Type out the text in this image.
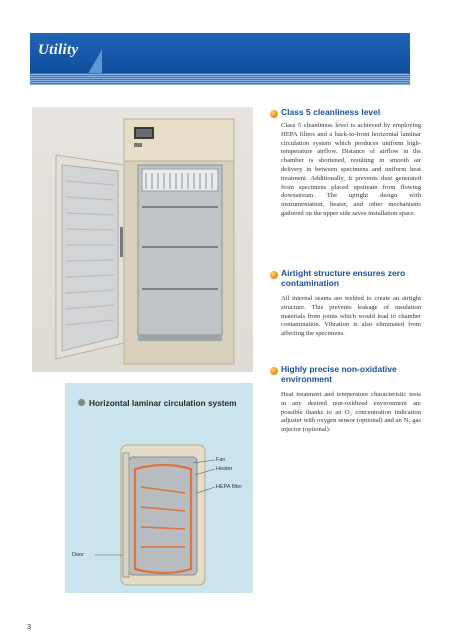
Utility
Horizontal laminar circulation system
Fan
Heater
HEPA filter
Door
Class 5 cleanliness level
Class 5 cleanliness level is achieved by employing HEPA filters and a back-to-front horizontal laminar circulation system which produces uniform high-temperature airflow. Distance of airflow in the chamber is shortened, resulting in smooth air delivery in between specimens and uniform heat treatment. Additionally, it prevents dust generated from specimens placed upstream from flowing downstream. The upright design with instrumentation, heater, and other mechanisms gathered on the upper side saves installation space.
Airtight structure ensures zero contamination
All internal seams are welded to create an airtight structure. This prevents leakage of insulation materials from joints which would lead to chamber contamination. Vibration is also eliminated from affecting the specimens.
Highly precise non-oxidative environment
Heat treatment and temperature characteristic tests in any desired non-oxidized environment are possible thanks to an O₂ concentration indication adjuster with oxygen sensor (optional) and an N₂ gas injector (optional).
3
